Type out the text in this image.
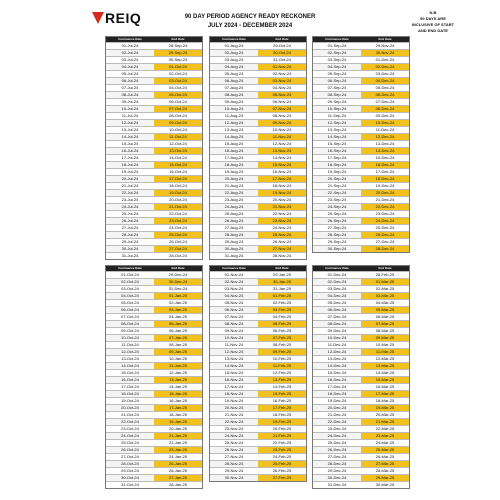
REIQ	90 DAY PERIOD AGENCY READY RECKONER
JULY 2024 - DECEMBER 2024
N.B
90 DAYS ARE
INCLUSIVE OF START
AND END DATE
Commence Date	End Date
01-Jul-24	28-Sep-24
02-Jul-24	29-Sep-24
03-Jul-24	30-Sep-24
04-Jul-24	01-Oct-24
05-Jul-24	02-Oct-24
06-Jul-24	03-Oct-24
07-Jul-24	04-Oct-24
08-Jul-24	05-Oct-24
09-Jul-24	06-Oct-24
10-Jul-24	07-Oct-24
11-Jul-24	08-Oct-24
12-Jul-24	09-Oct-24
13-Jul-24	10-Oct-24
14-Jul-24	11-Oct-24
15-Jul-24	12-Oct-24
16-Jul-24	13-Oct-24
17-Jul-24	14-Oct-24
18-Jul-24	15-Oct-24
19-Jul-24	16-Oct-24
20-Jul-24	17-Oct-24
21-Jul-24	18-Oct-24
22-Jul-24	19-Oct-24
23-Jul-24	20-Oct-24
24-Jul-24	21-Oct-24
25-Jul-24	22-Oct-24
26-Jul-24	23-Oct-24
27-Jul-24	24-Oct-24
28-Jul-24	25-Oct-24
29-Jul-24	26-Oct-24
30-Jul-24	27-Oct-24
31-Jul-24	28-Oct-24
Commence Date	End Date
01-Aug-24	29-Oct-24
02-Aug-24	30-Oct-24
03-Aug-24	31-Oct-24
04-Aug-24	01-Nov-24
05-Aug-24	02-Nov-24
06-Aug-24	03-Nov-24
07-Aug-24	04-Nov-24
08-Aug-24	05-Nov-24
09-Aug-24	06-Nov-24
10-Aug-24	07-Nov-24
11-Aug-24	08-Nov-24
12-Aug-24	09-Nov-24
13-Aug-24	10-Nov-24
14-Aug-24	11-Nov-24
15-Aug-24	12-Nov-24
16-Aug-24	13-Nov-24
17-Aug-24	14-Nov-24
18-Aug-24	15-Nov-24
19-Aug-24	16-Nov-24
20-Aug-24	17-Nov-24
21-Aug-24	18-Nov-24
22-Aug-24	19-Nov-24
23-Aug-24	20-Nov-24
24-Aug-24	21-Nov-24
25-Aug-24	22-Nov-24
26-Aug-24	23-Nov-24
27-Aug-24	24-Nov-24
28-Aug-24	25-Nov-24
29-Aug-24	26-Nov-24
30-Aug-24	27-Nov-24
31-Aug-24	28-Nov-24
Commence Date	End Date
01-Sep-24	29-Nov-24
02-Sep-24	30-Nov-24
03-Sep-24	01-Dec-24
04-Sep-24	02-Dec-24
05-Sep-24	03-Dec-24
06-Sep-24	04-Dec-24
07-Sep-24	05-Dec-24
08-Sep-24	06-Dec-24
09-Sep-24	07-Dec-24
10-Sep-24	08-Dec-24
11-Sep-24	09-Dec-24
12-Sep-24	10-Dec-24
13-Sep-24	11-Dec-24
14-Sep-24	12-Dec-24
15-Sep-24	13-Dec-24
16-Sep-24	14-Dec-24
17-Sep-24	15-Dec-24
18-Sep-24	16-Dec-24
19-Sep-24	17-Dec-24
20-Sep-24	18-Dec-24
21-Sep-24	19-Dec-24
22-Sep-24	20-Dec-24
23-Sep-24	21-Dec-24
24-Sep-24	22-Dec-24
25-Sep-24	23-Dec-24
26-Sep-24	24-Dec-24
27-Sep-24	25-Dec-24
28-Sep-24	26-Dec-24
29-Sep-24	27-Dec-24
30-Sep-24	28-Dec-24
Commence Date	End Date
01-Oct-24	29-Dec-24
02-Oct-24	30-Dec-24
03-Oct-24	31-Dec-24
04-Oct-24	01-Jan-25
05-Oct-24	02-Jan-25
06-Oct-24	03-Jan-25
07-Oct-24	04-Jan-25
08-Oct-24	05-Jan-25
09-Oct-24	06-Jan-25
10-Oct-24	07-Jan-25
11-Oct-24	08-Jan-25
12-Oct-24	09-Jan-25
13-Oct-24	10-Jan-25
14-Oct-24	11-Jan-25
15-Oct-24	12-Jan-25
16-Oct-24	13-Jan-25
17-Oct-24	14-Jan-25
18-Oct-24	15-Jan-25
19-Oct-24	16-Jan-25
20-Oct-24	17-Jan-25
21-Oct-24	18-Jan-25
22-Oct-24	19-Jan-25
23-Oct-24	20-Jan-25
24-Oct-24	21-Jan-25
25-Oct-24	22-Jan-25
26-Oct-24	23-Jan-25
27-Oct-24	24-Jan-25
28-Oct-24	25-Jan-25
29-Oct-24	26-Jan-25
30-Oct-24	27-Jan-25
31-Oct-24	28-Jan-25
Commence Date	End Date
01-Nov-24	29-Jan-25
02-Nov-24	30-Jan-25
03-Nov-24	31-Jan-25
04-Nov-24	01-Feb-25
05-Nov-24	02-Feb-25
06-Nov-24	03-Feb-25
07-Nov-24	04-Feb-25
08-Nov-24	05-Feb-25
09-Nov-24	06-Feb-25
10-Nov-24	07-Feb-25
11-Nov-24	08-Feb-25
12-Nov-24	09-Feb-25
13-Nov-24	10-Feb-25
14-Nov-24	11-Feb-25
15-Nov-24	12-Feb-25
16-Nov-24	13-Feb-25
17-Nov-24	14-Feb-25
18-Nov-24	15-Feb-25
19-Nov-24	16-Feb-25
20-Nov-24	17-Feb-25
21-Nov-24	18-Feb-25
22-Nov-24	19-Feb-25
23-Nov-24	20-Feb-25
24-Nov-24	21-Feb-25
25-Nov-24	22-Feb-25
26-Nov-24	23-Feb-25
27-Nov-24	24-Feb-25
28-Nov-24	25-Feb-25
29-Nov-24	26-Feb-25
30-Nov-24	27-Feb-25
Commence Date	End Date
01-Dec-24	28-Feb-25
02-Dec-24	01-Mar-25
03-Dec-24	02-Mar-25
04-Dec-24	03-Mar-25
05-Dec-24	04-Mar-25
06-Dec-24	05-Mar-25
07-Dec-24	06-Mar-25
08-Dec-24	07-Mar-25
09-Dec-24	08-Mar-25
10-Dec-24	09-Mar-25
11-Dec-24	10-Mar-25
12-Dec-24	11-Mar-25
13-Dec-24	12-Mar-25
14-Dec-24	13-Mar-25
15-Dec-24	14-Mar-25
16-Dec-24	15-Mar-25
17-Dec-24	16-Mar-25
18-Dec-24	17-Mar-25
19-Dec-24	18-Mar-25
20-Dec-24	19-Mar-25
21-Dec-24	20-Mar-25
22-Dec-24	21-Mar-25
23-Dec-24	22-Mar-25
24-Dec-24	23-Mar-25
25-Dec-24	24-Mar-25
26-Dec-24	25-Mar-25
27-Dec-24	26-Mar-25
28-Dec-24	27-Mar-25
29-Dec-24	28-Mar-25
30-Dec-24	29-Mar-25
31-Dec-24	30-Mar-25
